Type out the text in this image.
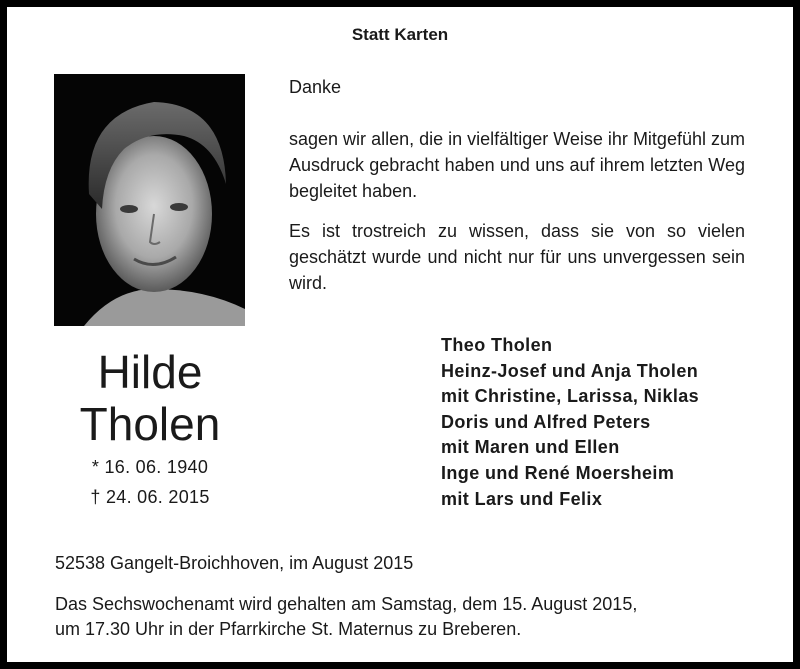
Statt Karten
Hilde
Tholen
* 16. 06. 1940
† 24. 06. 2015
Danke
sagen wir allen, die in vielfältiger Weise ihr Mitgefühl zum Ausdruck gebracht haben und uns auf ihrem letzten Weg begleitet haben.
Es ist trostreich zu wissen, dass sie von so vielen geschätzt wurde und nicht nur für uns unvergessen sein wird.
Theo Tholen
Heinz-Josef und Anja Tholen
mit Christine, Larissa, Niklas
Doris und Alfred Peters
mit Maren und Ellen
Inge und René Moersheim
mit Lars und Felix
52538 Gangelt-Broichhoven, im August 2015
Das Sechswochenamt wird gehalten am Samstag, dem 15. August 2015,
um 17.30 Uhr in der Pfarrkirche St. Maternus zu Breberen.
